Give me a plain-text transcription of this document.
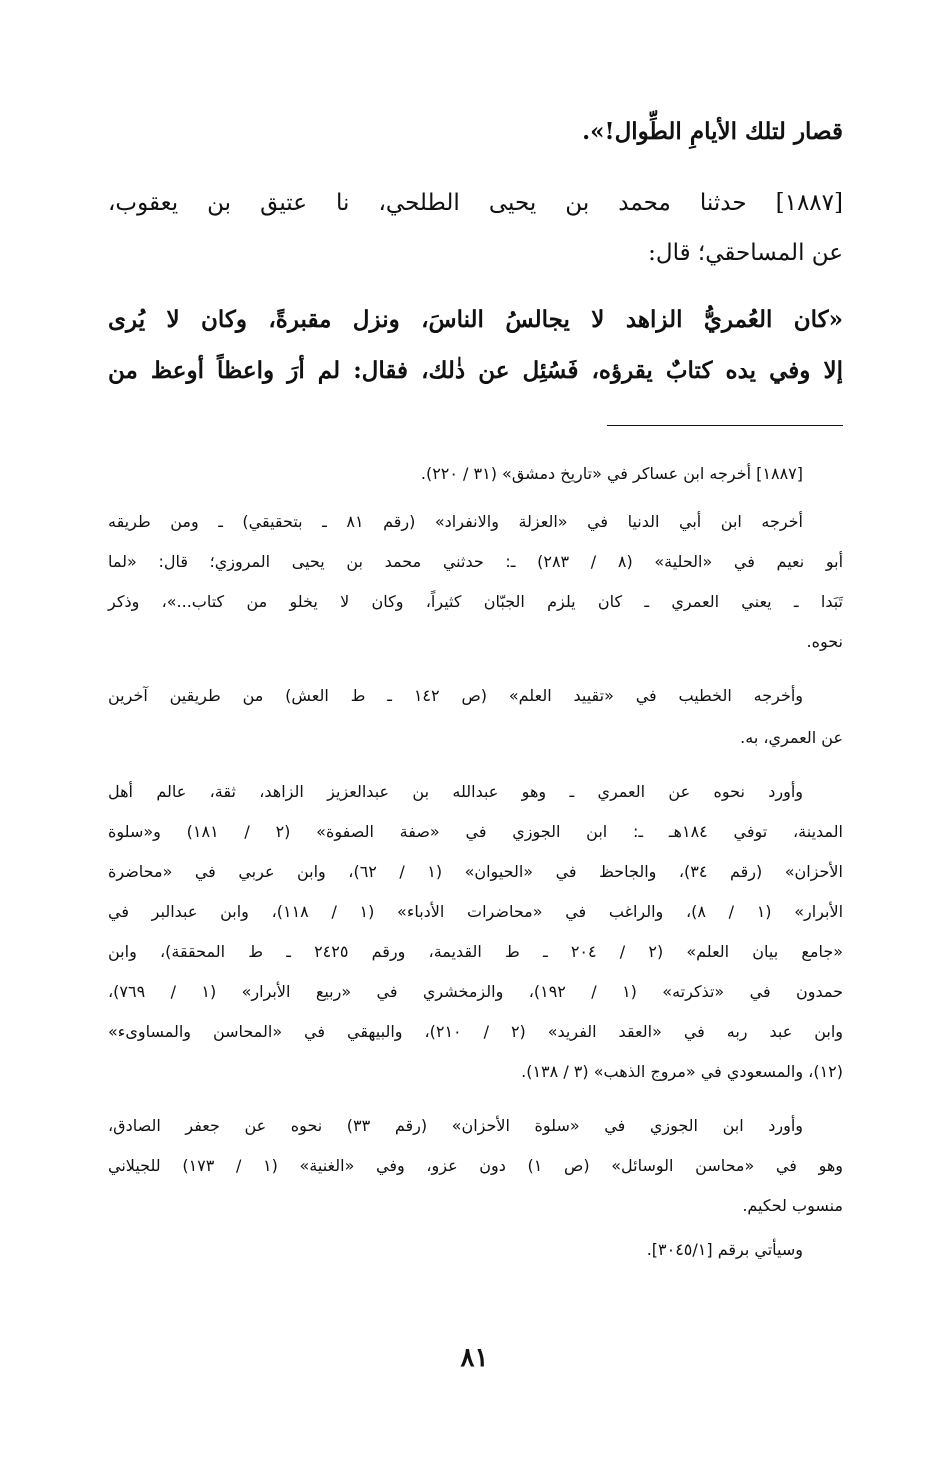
قصار لتلك الأيامِ الطِّوال!».

[١٨٨٧] حدثنا محمد بن يحيى الطلحي، نا عتيق بن يعقوب،

عن المساحقي؛ قال:

«كان العُمريُّ الزاهد لا يجالسُ الناسَ، ونزل مقبرةً، وكان لا يُرى

إلا وفي يده كتابٌ يقرؤه، فَسُئِل عن ذٰلك، فقال: لم أرَ واعظاً أوعظ من

[١٨٨٧] أخرجه ابن عساكر في «تاريخ دمشق» (٣١ / ٢٢٠).

أخرجه ابن أبي الدنيا في «العزلة والانفراد» (رقم ٨١ ـ بتحقيقي) ـ ومن طريقه

أبو نعيم في «الحلية» (٨ / ٢٨٣) ـ: حدثني محمد بن يحيى المروزي؛ قال: «لما

تَبَدا ـ يعني العمري ـ كان يلزم الجبّان كثيراً، وكان لا يخلو من كتاب...»، وذكر

نحوه.

وأخرجه الخطيب في «تقييد العلم» (ص ١٤٢ ـ ط العش) من طريقين آخرين

عن العمري، به.

وأورد نحوه عن العمري ـ وهو عبدالله بن عبدالعزيز الزاهد، ثقة، عالم أهل

المدينة، توفي ١٨٤هـ ـ: ابن الجوزي في «صفة الصفوة» (٢ / ١٨١) و«سلوة

الأحزان» (رقم ٣٤)، والجاحظ في «الحيوان» (١ / ٦٢)، وابن عربي في «محاضرة

الأبرار» (١ / ٨)، والراغب في «محاضرات الأدباء» (١ / ١١٨)، وابن عبدالبر في

«جامع بيان العلم» (٢ / ٢٠٤ ـ ط القديمة، ورقم ٢٤٢٥ ـ ط المحققة)، وابن

حمدون في «تذكرته» (١ / ١٩٢)، والزمخشري في «ربيع الأبرار» (١ / ٧٦٩)،

وابن عبد ربه في «العقد الفريد» (٢ / ٢١٠)، والبيهقي في «المحاسن والمساوىء»

(١٢)، والمسعودي في «مروج الذهب» (٣ / ١٣٨).

وأورد ابن الجوزي في «سلوة الأحزان» (رقم ٣٣) نحوه عن جعفر الصادق،

وهو في «محاسن الوسائل» (ص ١) دون عزو، وفي «الغنية» (١ / ١٧٣) للجيلاني

منسوب لحكيم.

وسيأتي برقم [٣٠٤٥/١].

٨١
